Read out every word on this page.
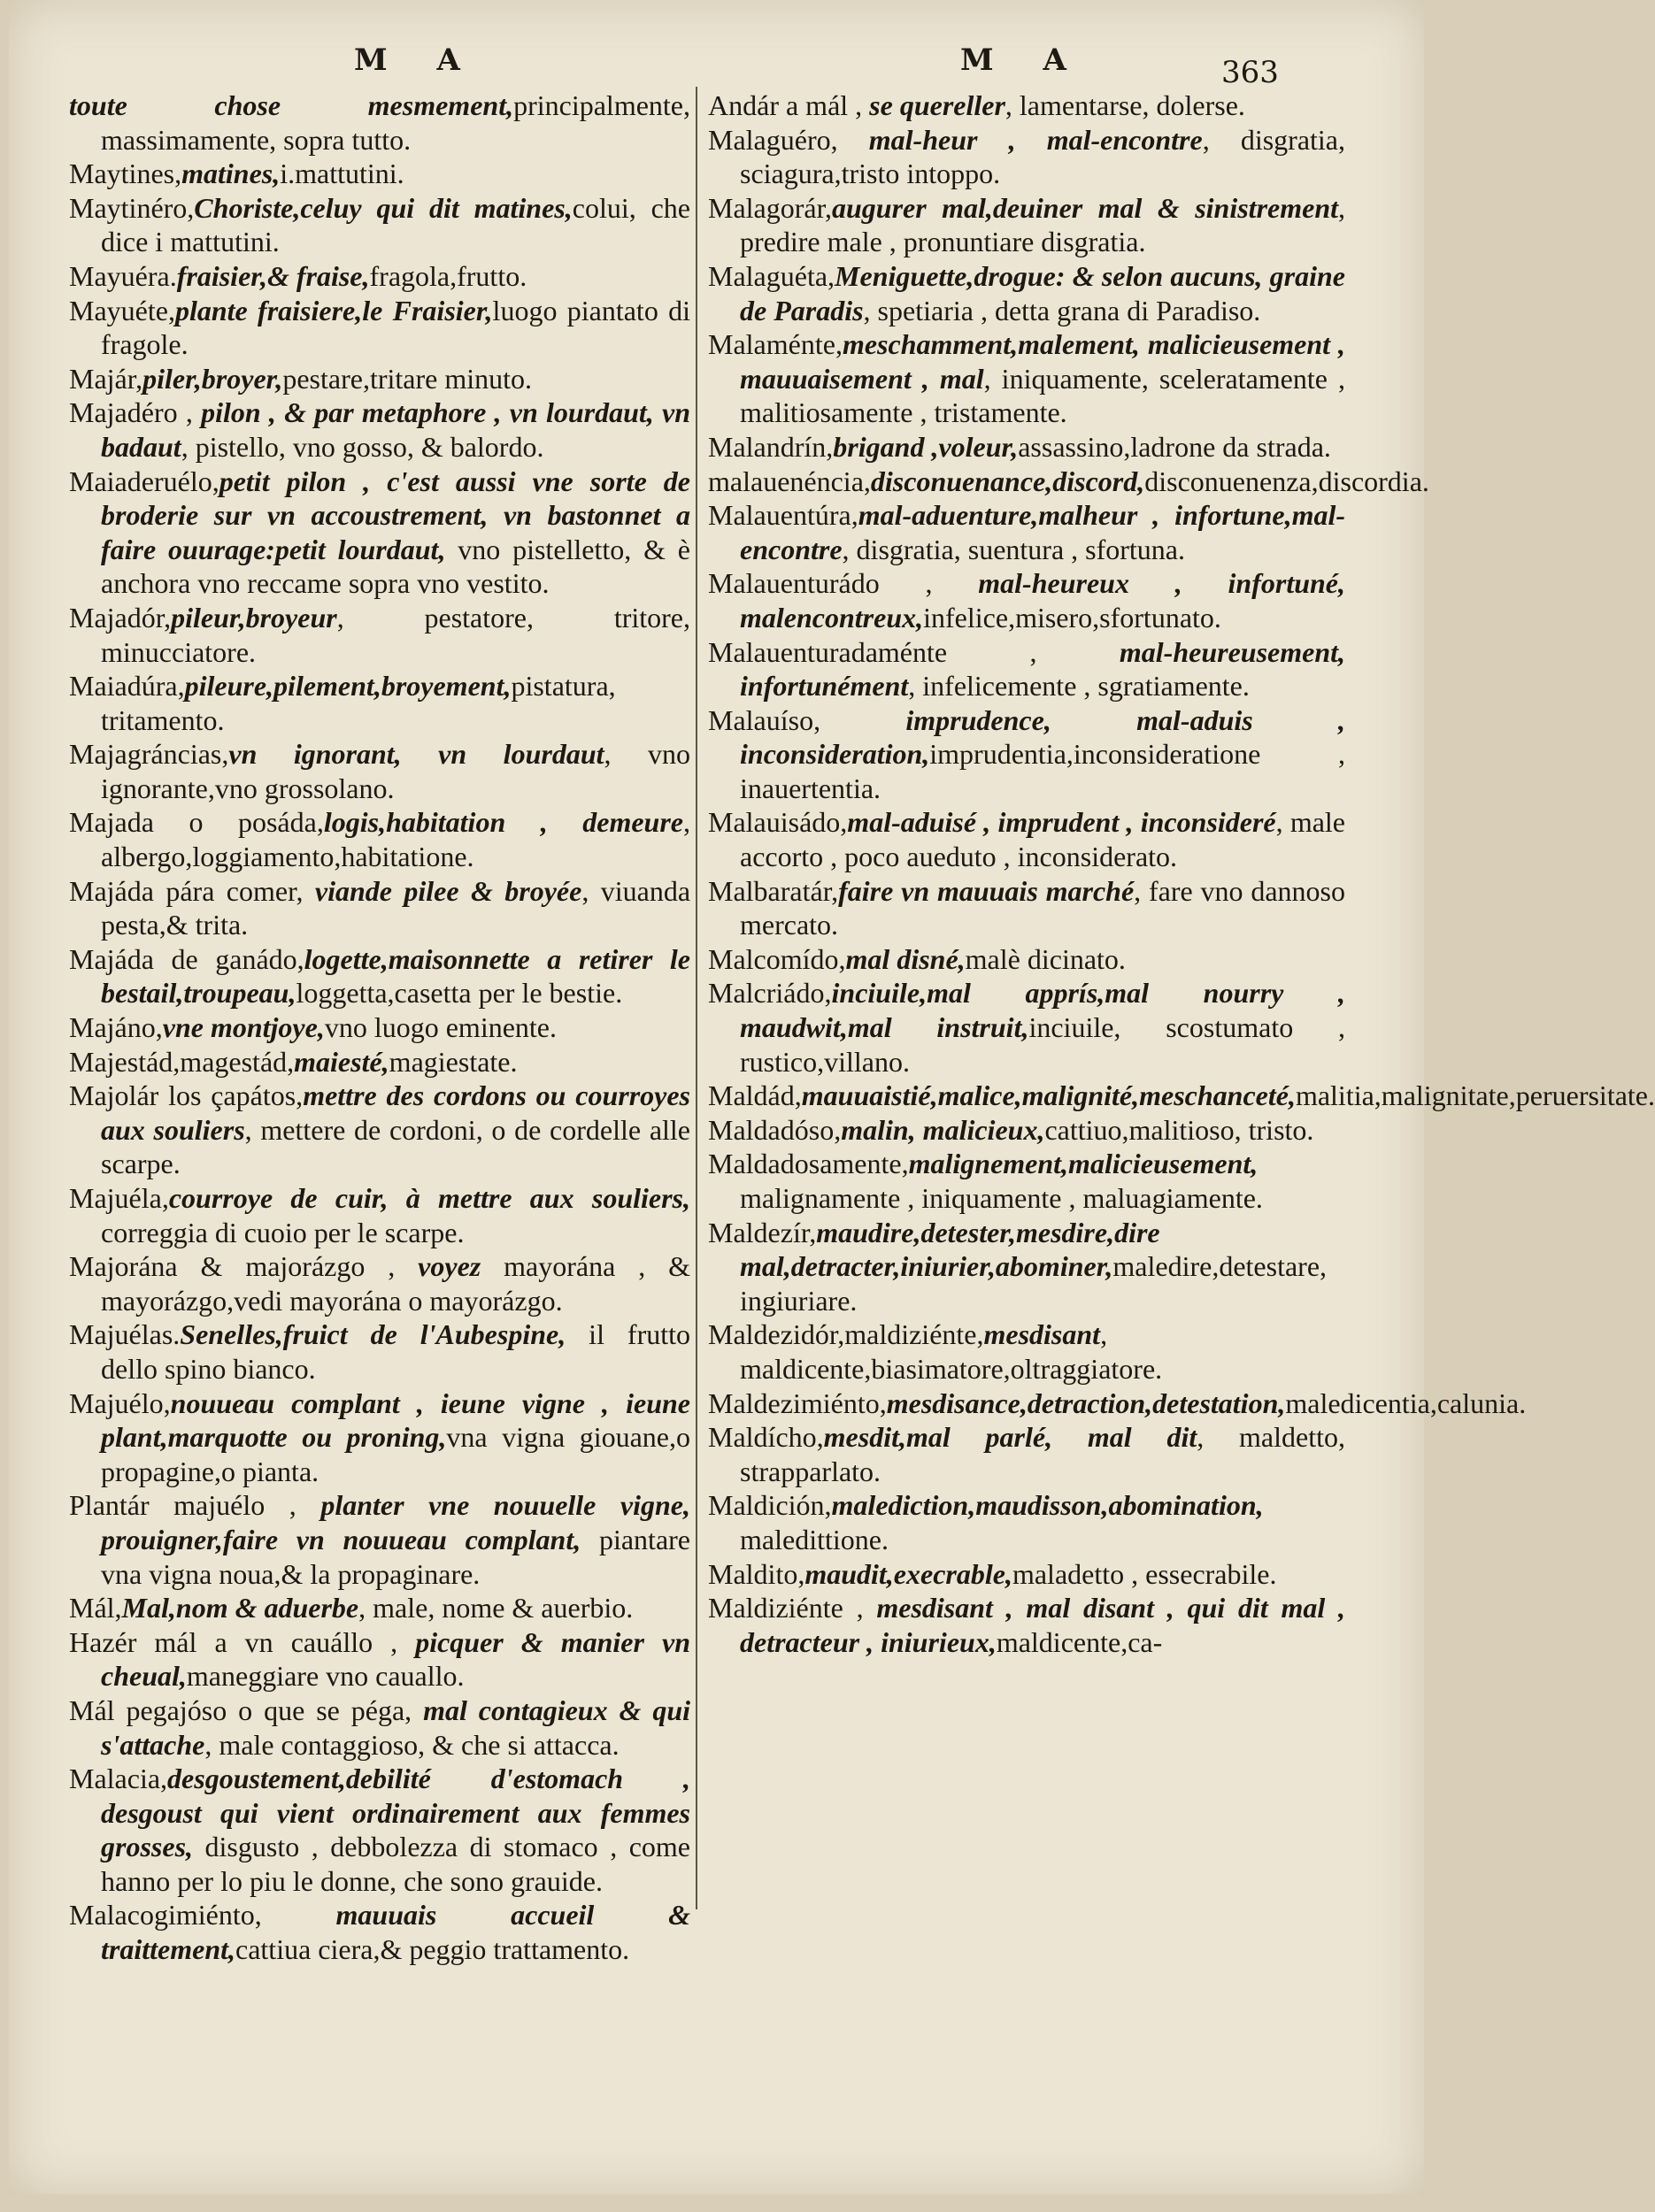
M A	M A	363

toute chose mesmement,principalmente, massimamente, sopra tutto.

Maytines,matines,i.mattutini.

Maytinéro,Choriste,celuy qui dit matines,colui, che dice i mattutini.

Mayuéra.fraisier,& fraise,fragola,frutto.

Mayuéte,plante fraisiere,le Fraisier,luogo piantato di fragole.

Majár,piler,broyer,pestare,tritare minuto.

Majadéro , pilon , & par metaphore , vn lourdaut, vn badaut, pistello, vno gosso, & balordo.

Maiaderuélo,petit pilon , c'est aussi vne sorte de broderie sur vn accoustrement, vn bastonnet a faire ouurage:petit lourdaut, vno pistelletto, & è anchora vno reccame sopra vno vestito.

Majadór,pileur,broyeur, pestatore, tritore, minucciatore.

Maiadúra,pileure,pilement,broyement,pistatura, tritamento.

Majagráncias,vn ignorant, vn lourdaut, vno ignorante,vno grossolano.

Majada o posáda,logis,habitation , demeure, albergo,loggiamento,habitatione.

Majáda pára comer, viande pilee & broyée, viuanda pesta,& trita.

Majáda de ganádo,logette,maisonnette a retirer le bestail,troupeau,loggetta,casetta per le bestie.

Majáno,vne montjoye,vno luogo eminente.

Majestád,magestád,maiesté,magiestate.

Majolár los çapátos,mettre des cordons ou courroyes aux souliers, mettere de cordoni, o de cordelle alle scarpe.

Majuéla,courroye de cuir, à mettre aux souliers, correggia di cuoio per le scarpe.

Majorána & majorázgo , voyez mayorána , & mayorázgo,vedi mayorána o mayorázgo.

Majuélas.Senelles,fruict de l'Aubespine, il frutto dello spino bianco.

Majuélo,nouueau complant , ieune vigne , ieune plant,marquotte ou proning,vna vigna giouane,o propagine,o pianta.

Plantár majuélo , planter vne nouuelle vigne, prouigner,faire vn nouueau complant, piantare vna vigna noua,& la propaginare.

Mál,Mal,nom & aduerbe, male, nome & auerbio.

Hazér mál a vn cauállo , picquer & manier vn cheual,maneggiare vno cauallo.

Mál pegajóso o que se péga, mal contagieux & qui s'attache, male contaggioso, & che si attacca.

Malacia,desgoustement,debilité d'estomach , desgoust qui vient ordinairement aux femmes grosses, disgusto , debbolezza di stomaco , come hanno per lo piu le donne, che sono grauide.

Malacogimiénto, mauuais accueil & traittement,cattiua ciera,& peggio trattamento.

Andár a mál , se quereller, lamentarse, dolerse.

Malaguéro, mal-heur , mal-encontre, disgratia, sciagura,tristo intoppo.

Malagorár,augurer mal,deuiner mal & sinistrement, predire male , pronuntiare disgratia.

Malaguéta,Meniguette,drogue: & selon aucuns, graine de Paradis, spetiaria , detta grana di Paradiso.

Malaménte,meschamment,malement, malicieusement , mauuaisement , mal, iniquamente, sceleratamente , malitiosamente , tristamente.

Malandrín,brigand ,voleur,assassino,ladrone da strada.

malauenéncia,disconuenance,discord,disconuenenza,discordia.

Malauentúra,mal-aduenture,malheur , infortune,mal-encontre, disgratia, suentura , sfortuna.

Malauenturádo , mal-heureux , infortuné, malencontreux,infelice,misero,sfortunato.

Malauenturadaménte , mal-heureusement, infortunément, infelicemente , sgratiamente.

Malauíso, imprudence, mal-aduis , inconsideration,imprudentia,inconsideratione , inauertentia.

Malauisádo,mal-aduisé , imprudent , inconsideré, male accorto , poco aueduto , inconsiderato.

Malbaratár,faire vn mauuais marché, fare vno dannoso mercato.

Malcomído,mal disné,malè dicinato.

Malcriádo,inciuile,mal apprís,mal nourry , maudwit,mal instruit,inciuile, scostumato , rustico,villano.

Maldád,mauuaistié,malice,malignité,meschanceté,malitia,malignitate,peruersitate.

Maldadóso,malin, malicieux,cattiuo,malitioso, tristo.

Maldadosamente,malignement,malicieusement, malignamente , iniquamente , maluagiamente.

Maldezír,maudire,detester,mesdire,dire mal,detracter,iniurier,abominer,maledire,detestare, ingiuriare.

Maldezidór,maldiziénte,mesdisant, maldicente,biasimatore,oltraggiatore.

Maldezimiénto,mesdisance,detraction,detestation,maledicentia,calunia.

Maldícho,mesdit,mal parlé, mal dit, maldetto, strapparlato.

Maldición,malediction,maudisson,abomination, maledittione.

Maldito,maudit,execrable,maladetto , essecrabile.

Maldiziénte , mesdisant , mal disant , qui dit mal , detracteur , iniurieux,maldicente,ca-
